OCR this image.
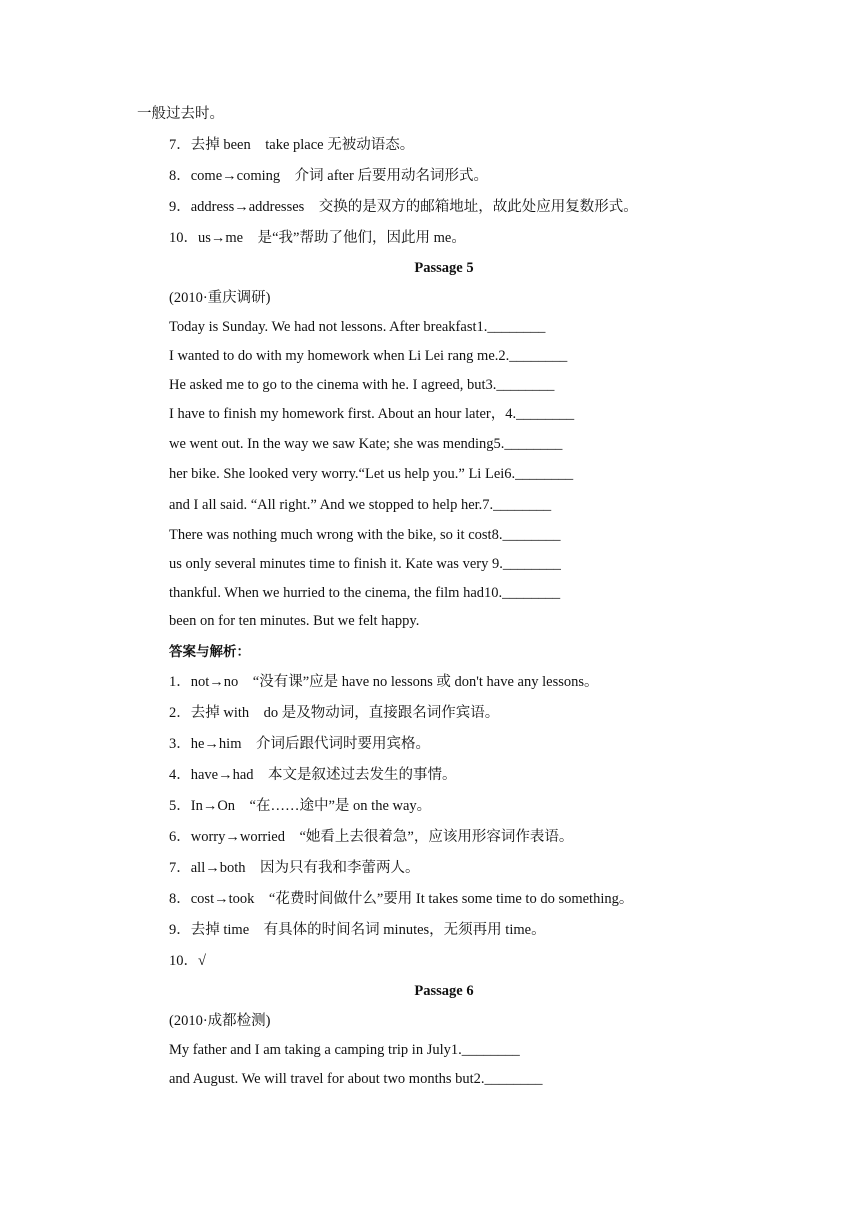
一般过去时。
7．去掉 been　take place 无被动语态。
8．come→coming　介词 after 后要用动名词形式。
9．address→addresses　交换的是双方的邮箱地址，故此处应用复数形式。
10．us→me　是“我”帮助了他们，因此用 me。
Passage 5
(2010·重庆调研)
Today is Sunday. We had not lessons. After breakfast1.________
I wanted to do with my homework when Li Lei rang me.2.________
He asked me to go to the cinema with he. I agreed, but3.________
I have to finish my homework first. About an hour later，4.________
we went out. In the way we saw Kate; she was mending5.________
her bike. She looked very worry.“Let us help you.” Li Lei6.________
and I all said. “All right.” And we stopped to help her.7.________
There was nothing much wrong with the bike, so it cost8.________
us only several minutes time to finish it. Kate was very 9.________
thankful. When we hurried to the cinema, the film had10.________
been on for ten minutes. But we felt happy.
答案与解析：
1．not→no　“没有课”应是 have no lessons 或 don't have any lessons。
2．去掉 with　do 是及物动词，直接跟名词作宾语。
3．he→him　介词后跟代词时要用宾格。
4．have→had　本文是叙述过去发生的事情。
5．In→On　“在……途中”是 on the way。
6．worry→worried　“她看上去很着急”，应该用形容词作表语。
7．all→both　因为只有我和李蕾两人。
8．cost→took　“花费时间做什么”要用 It takes some time to do something。
9．去掉 time　有具体的时间名词 minutes，无须再用 time。
10．√
Passage 6
(2010·成都检测)
My father and I am taking a camping trip in July1.________
and August. We will travel for about two months but2.________
